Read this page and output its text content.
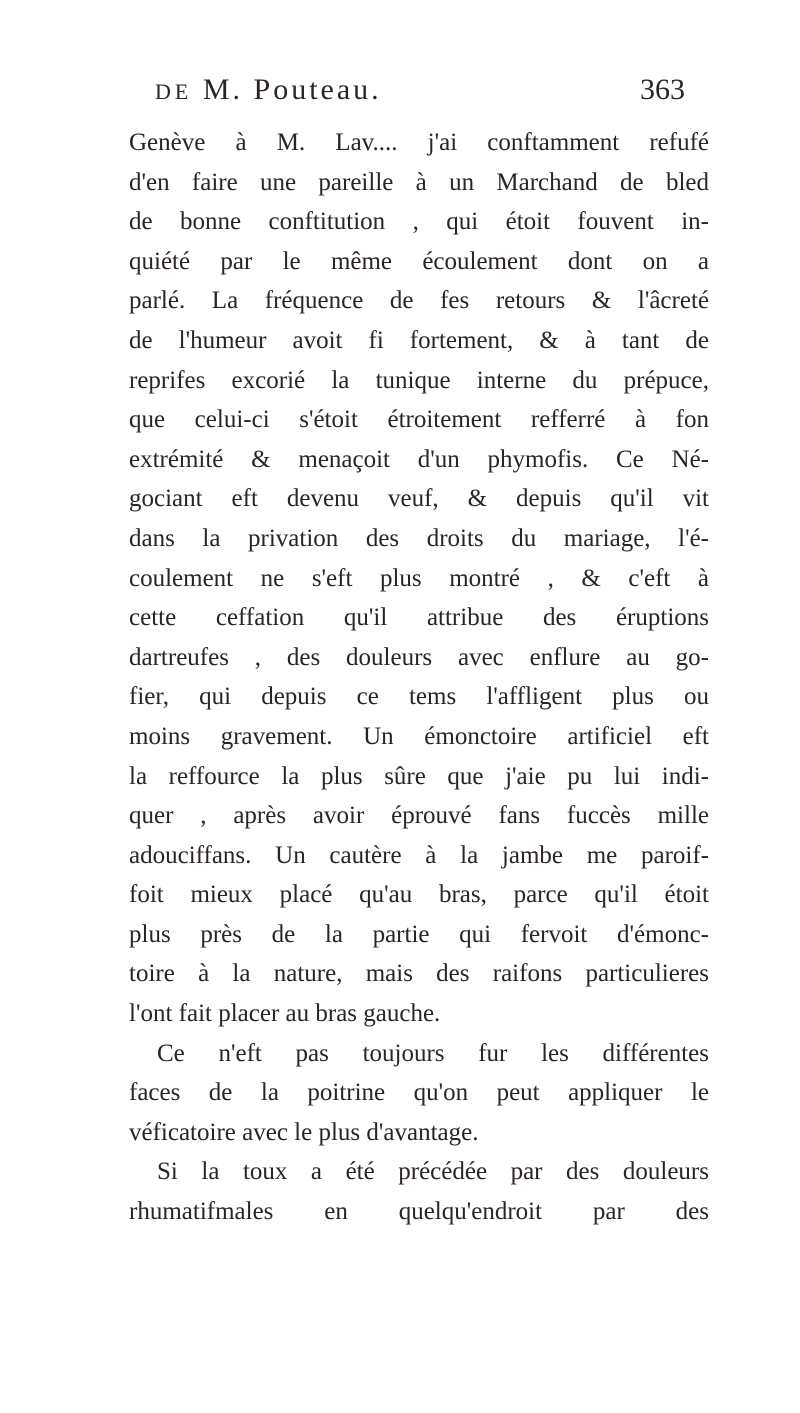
DE M. Pouteau.	363
Genève à M. Lav.... j'ai conftamment refufé
d'en faire une pareille à un Marchand de bled
de bonne conftitution , qui étoit fouvent in-
quiété par le même écoulement dont on a
parlé. La fréquence de fes retours & l'âcreté
de l'humeur avoit fi fortement, & à tant de
reprifes excorié la tunique interne du prépuce,
que celui-ci s'étoit étroitement refferré à fon
extrémité & menaçoit d'un phymofis. Ce Né-
gociant eft devenu veuf, & depuis qu'il vit
dans la privation des droits du mariage, l'é-
coulement ne s'eft plus montré , & c'eft à
cette ceffation qu'il attribue des éruptions
dartreufes , des douleurs avec enflure au go-
fier, qui depuis ce tems l'affligent plus ou
moins gravement. Un émonctoire artificiel eft
la reffource la plus sûre que j'aie pu lui indi-
quer , après avoir éprouvé fans fuccès mille
adouciffans. Un cautère à la jambe me paroif-
foit mieux placé qu'au bras, parce qu'il étoit
plus près de la partie qui fervoit d'émonc-
toire à la nature, mais des raifons particulieres
l'ont fait placer au bras gauche.
Ce n'eft pas toujours fur les différentes
faces de la poitrine qu'on peut appliquer le
véficatoire avec le plus d'avantage.
Si la toux a été précédée par des douleurs
rhumatifmales en quelqu'endroit par des
